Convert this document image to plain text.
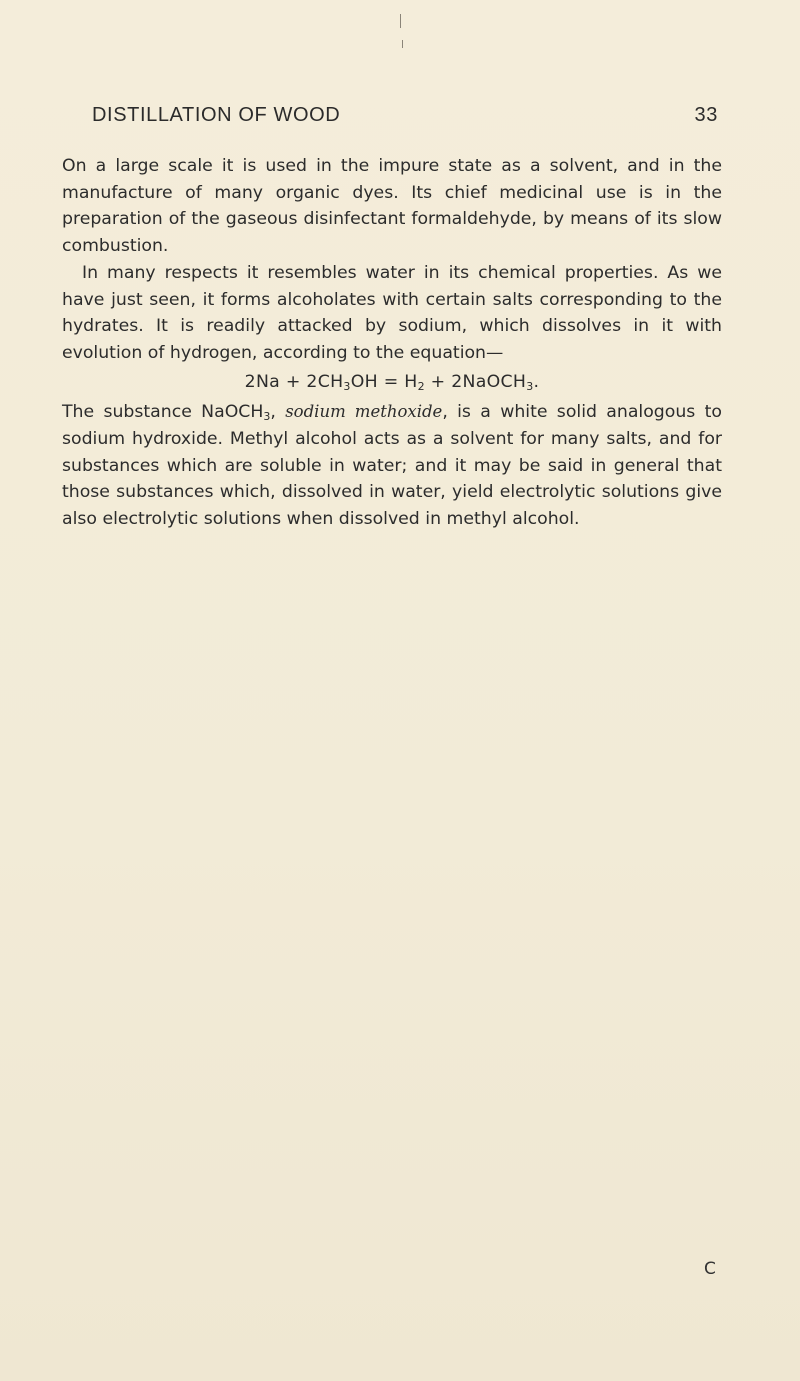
DISTILLATION OF WOOD	33

On a large scale it is used in the impure state as a solvent, and in the manufacture of many organic dyes. Its chief medicinal use is in the preparation of the gaseous disinfectant formaldehyde, by means of its slow combustion.

In many respects it resembles water in its chemical properties. As we have just seen, it forms alcoholates with certain salts corresponding to the hydrates. It is readily attacked by sodium, which dissolves in it with evolution of hydrogen, according to the equation—

$2Na + 2CH_3OH = H_2$ + 2NaOCH$_3$.

The substance NaOCH$_3$, sodium methoxide, is a white solid analogous to sodium hydroxide. Methyl alcohol acts as a solvent for many salts, and for substances which are soluble in water; and it may be said in general that those substances which, dissolved in water, yield electrolytic solutions give also electrolytic solutions when dissolved in methyl alcohol.

C
